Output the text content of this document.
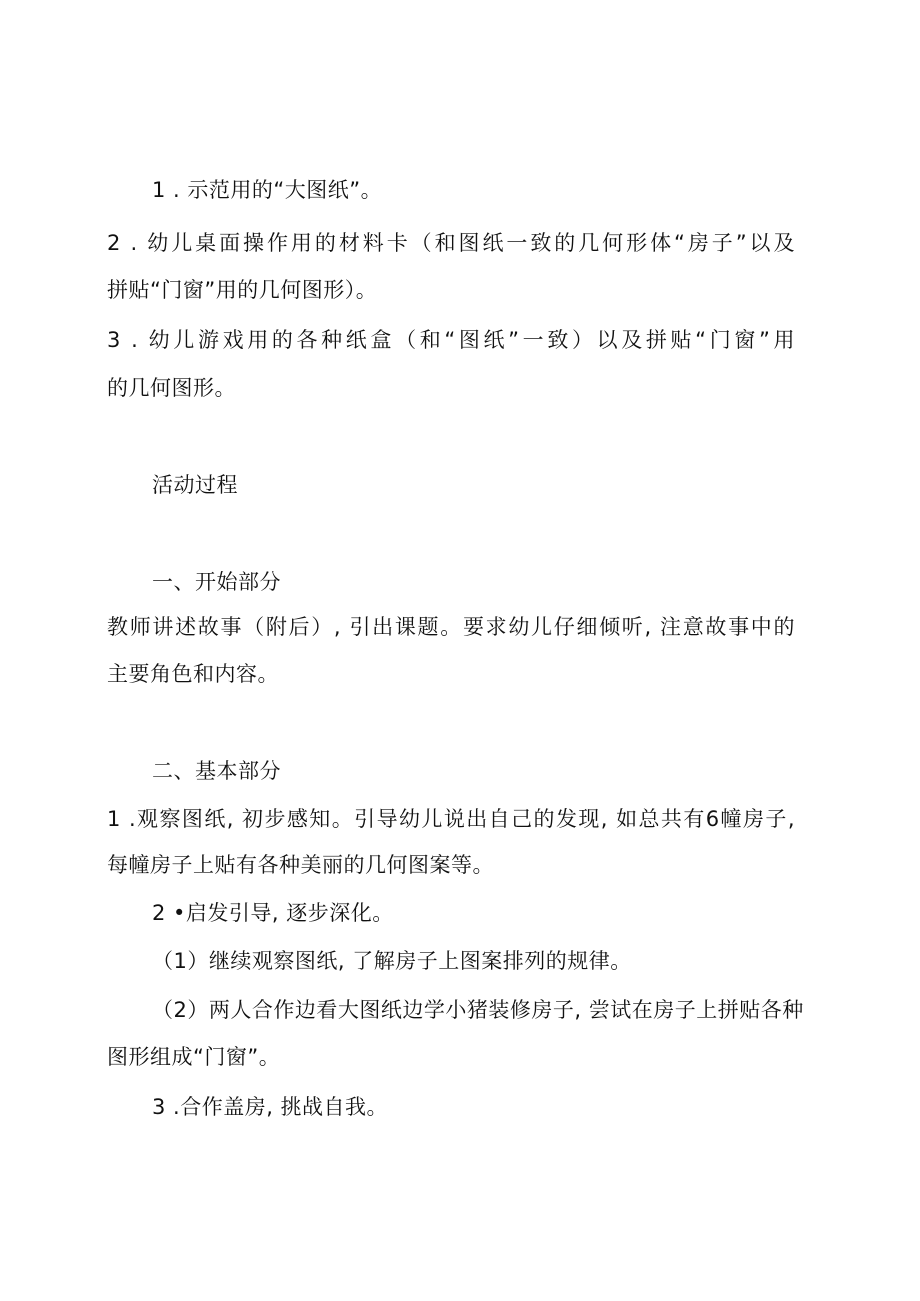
1 . 示范用的“大图纸”。
2 . 幼儿桌面操作用的材料卡（和图纸一致的几何形体“房子”以及
拼贴“门窗”用的几何图形）。
3 . 幼儿游戏用的各种纸盒（和“图纸”一致）以及拼贴“门窗”用
的几何图形。
活动过程
一、开始部分
教师讲述故事（附后）, 引出课题。要求幼儿仔细倾听, 注意故事中的
主要角色和内容。
二、基本部分
1 .观察图纸, 初步感知。引导幼儿说出自己的发现, 如总共有6幢房子,
每幢房子上贴有各种美丽的几何图案等。
2 •启发引导, 逐步深化。
（1）继续观察图纸, 了解房子上图案排列的规律。
（2）两人合作边看大图纸边学小猪装修房子, 尝试在房子上拼贴各种
图形组成“门窗”。
3 .合作盖房, 挑战自我。
